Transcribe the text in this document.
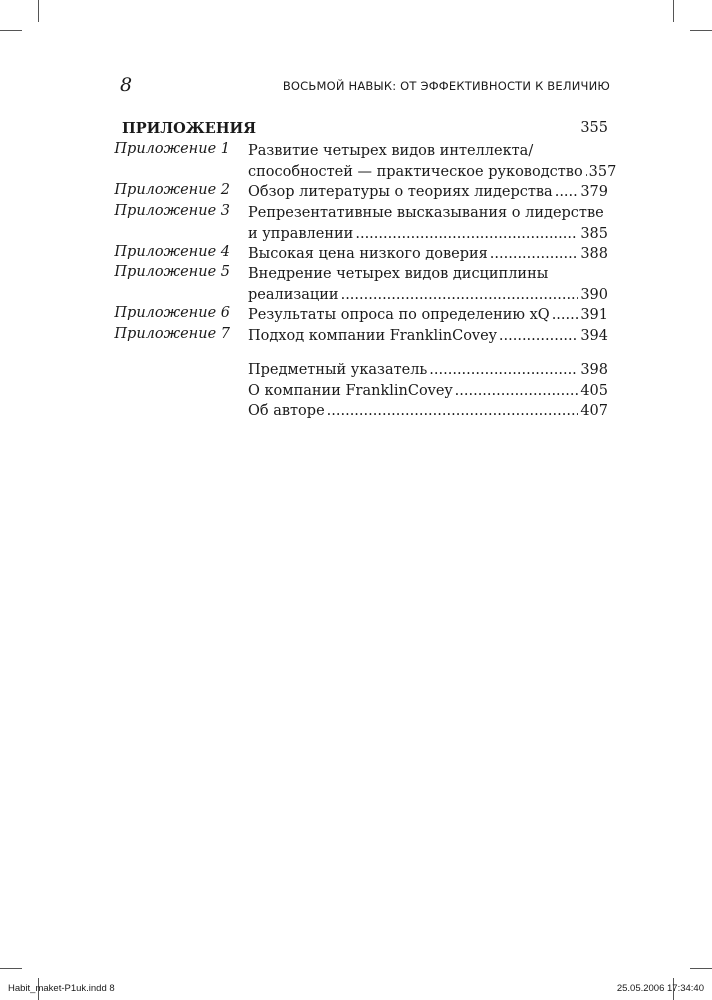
8	ВОСЬМОЙ НАВЫК: ОТ ЭФФЕКТИВНОСТИ К ВЕЛИЧИЮ
ПРИЛОЖЕНИЯ	355
Приложение 1 Развитие четырех видов интеллекта/
способностей — практическое руководство ..... 357
Приложение 2 Обзор литературы о теориях лидерства ..... 379
Приложение 3 Репрезентативные высказывания о лидерстве
и управлении .....	385
Приложение 4 Высокая цена низкого доверия .....	388
Приложение 5 Внедрение четырех видов дисциплины
реализации .....	390
Приложение 6 Результаты опроса по определению xQ ..... 391
Приложение 7 Подход компании FranklinCovey .....	394
Предметный указатель .....	398
О компании FranklinCovey .....	405
Об авторе .....	407
Habit_maket-P1uk.indd 8	25.05.2006 17:34:40
